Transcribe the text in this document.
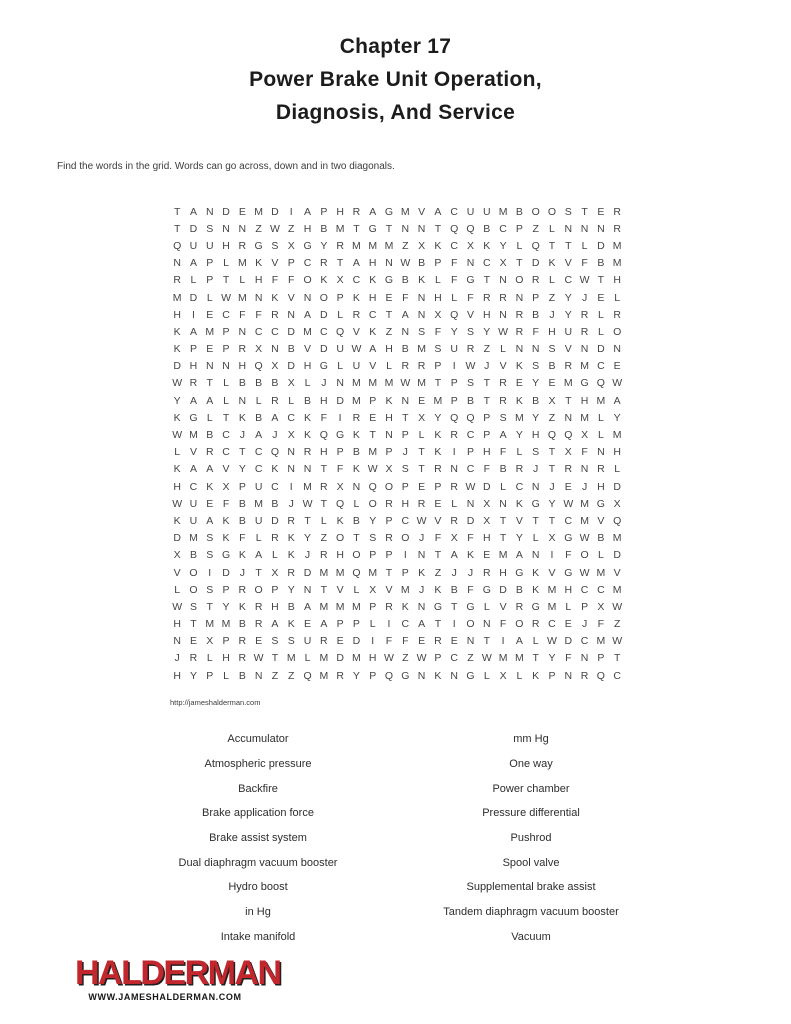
Chapter 17
Power Brake Unit Operation,
Diagnosis, And Service
Find the words in the grid. Words can go across, down and in two diagonals.
T A N D E M D	I	A P H R A G M V A C U U M B O O S T E R
T D S N N Z W Z H B M T G T N N T Q Q B C P Z L N N N R
Q U U H R G S X G Y R M M M Z X K C X K Y L Q T T L D M
N A P L M K V P C R T A H N W B P F N C X T D K V F B M
R L P T L H F F O K X C K G B K L F G T N O R L C W T H
M D L W M N K V N O P K H E F N H L F R R N P Z Y J E L
H	I	E C F F R N A D L R C T A N X Q V H N R B J Y R L R
K A M P N C C D M C Q V K Z N S F Y S Y W R F H U R L O
K P E P R X N B V D U W A H B M S U R Z L N N S V N D N
D H N N H Q X D H G L U V L R R P	I W J V K S B R M C E
W R T L B B B X L	J N M M M W M T P S T R E Y E M G Q W
Y A A L N L R L B H D M P K N E M P B T R K B X T H M A
K G L T K B A C K F	I	R E H T X Y Q Q P S M Y Z N M L Y
W M B C J A J X K Q G K T N P L K R C P A Y H Q Q X L M
L V R C T C Q N R H P B M P J T K	I	P H F L S T X F N H
K A A V Y C K N N T F K W X S T R N C F B R J T R N R L
H C K X P U C	I M R X N Q O P E P R W D L C N J E J H D
W U E F B M B J W T Q L O R H R E L N X N K G Y W M G X
K U A K B U D R T L K B Y P C W V R D X T V T T C M V Q
D M S K F L R K Y Z O T S R O J F X F H T Y L X G W B M
X B S G K A L K J R H O P P	I	N T A K E M A N	I	F O L D
V O	I	D J T X R D M M Q M T P K Z J	J R H G K V G W M V
L O S P R O P Y N T V L X V M J K B F G D B K M H C C M
W S T Y K R H B A M M M P R K N G T G L V R G M L P X W
H T M M B R A K E A P P L	I	C A T	I	O N F O R C E J F Z
N E X P R E S S U R E D	I	F F E R E N T	I	A L W D C M W
J R L H R W T M L M D M H W Z W P C Z W M M T Y F N P T
H Y P L B N Z Z Q M R Y P Q G N K N G L X L K P N R Q C
http://jameshalderman.com
Accumulator
Atmospheric pressure
Backfire
Brake application force
Brake assist system
Dual diaphragm vacuum booster
Hydro boost
in Hg
Intake manifold
mm Hg
One way
Power chamber
Pressure differential
Pushrod
Spool valve
Supplemental brake assist
Tandem diaphragm vacuum booster
Vacuum
HALDERMAN
WWW.JAMESHALDERMAN.COM
